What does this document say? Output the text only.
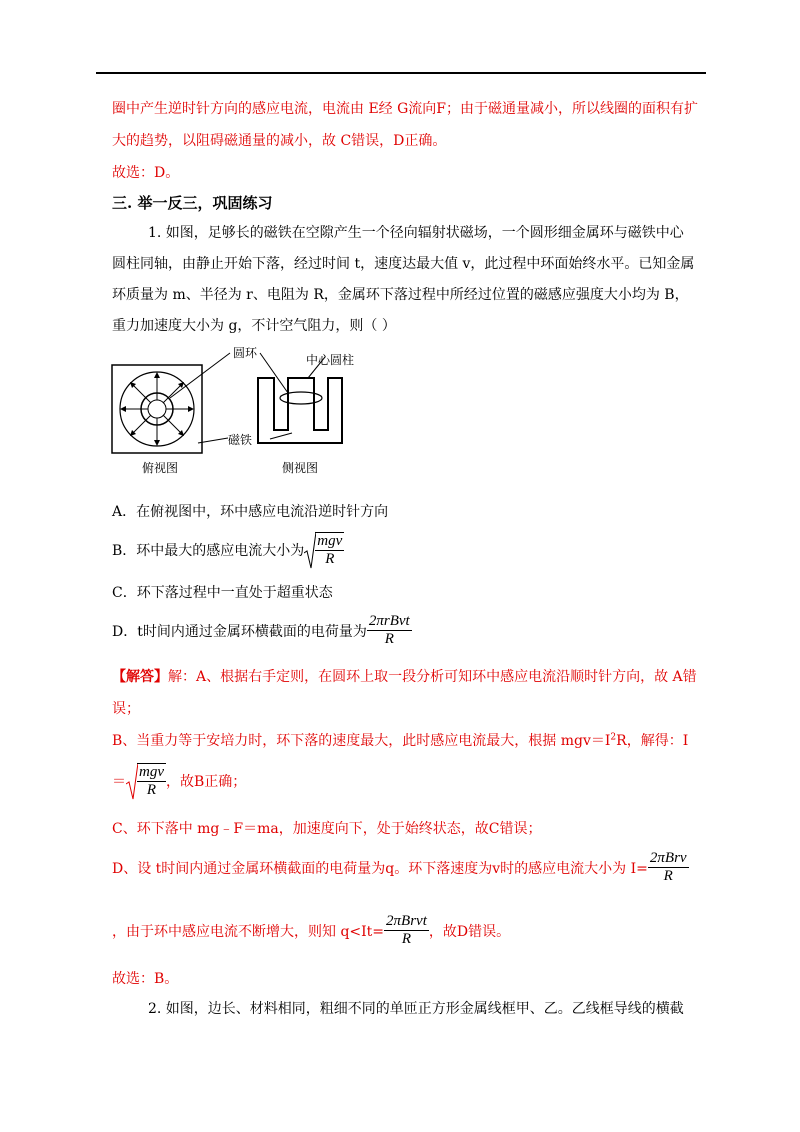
圈中产生逆时针方向的感应电流，电流由 E经 G流向F；由于磁通量减小，所以线圈的面积有扩
大的趋势，以阻碍磁通量的减小，故 C错误，D正确。
故选：D。
三. 举一反三，巩固练习
1. 如图，足够长的磁铁在空隙产生一个径向辐射状磁场，一个圆形细金属环与磁铁中心
圆柱同轴，由静止开始下落，经过时间 t，速度达最大值 v，此过程中环面始终水平。已知金属
环质量为 m、半径为 r、电阻为 R，金属环下落过程中所经过位置的磁感应强度大小均为 B，
重力加速度大小为 g，不计空气阻力，则（ ）
圆环	中心圆柱
磁铁
俯视图	侧视图
A．在俯视图中，环中感应电流沿逆时针方向
B．环中最大的感应电流大小为 $\frac{\text{mgv}}{R}$
C．环下落过程中一直处于超重状态
D．t时间内通过金属环横截面的电荷量为 $\frac{\text{2πrBvt}}{R}$
【解答】解：A、根据右手定则，在圆环上取一段分析可知环中感应电流沿顺时针方向，故 A错
误；
B、当重力等于安培力时，环下落的速度最大，此时感应电流最大，根据 $mgv=I^2R$，解得：I
＝ $\frac{\text{mgv}}{R}$ ，故B正确；
C、环下落中 mg﹣F＝ma，加速度向下，处于始终状态，故C错误；
D、设 t时间内通过金属环横截面的电荷量为q。环下落速度为v时的感应电流大小为 $I= \frac{\text{2πBrv}}{R}$
，由于环中感应电流不断增大，则知 $q<It= \frac{\text{2πBrvt}}{R}$ ，故D错误。
故选：B。
2. 如图，边长、材料相同，粗细不同的单匝正方形金属线框甲、乙。乙线框导线的横截
